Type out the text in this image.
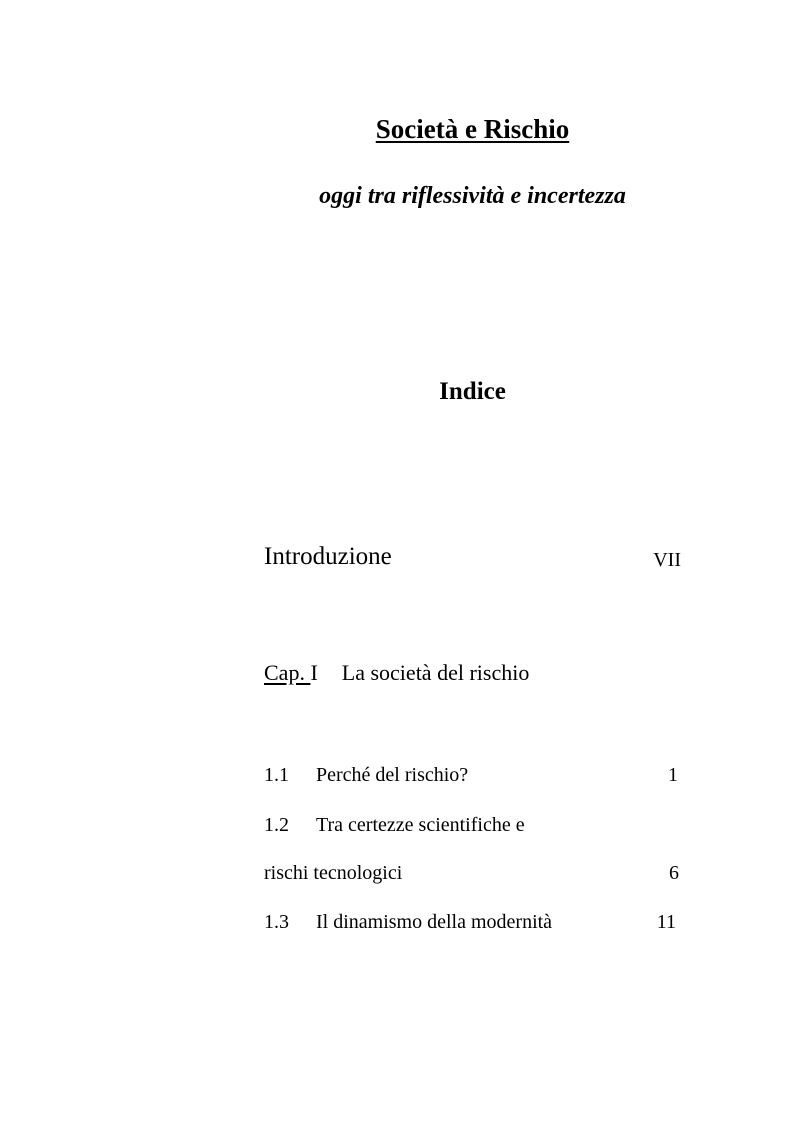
Società e Rischio
oggi tra riflessività e incertezza
Indice
Introduzione	VII
Cap. I La società del rischio
1.1 Perché del rischio?	1
1.2 Tra certezze scientifiche e
rischi tecnologici	6
1.3 Il dinamismo della modernità	11
